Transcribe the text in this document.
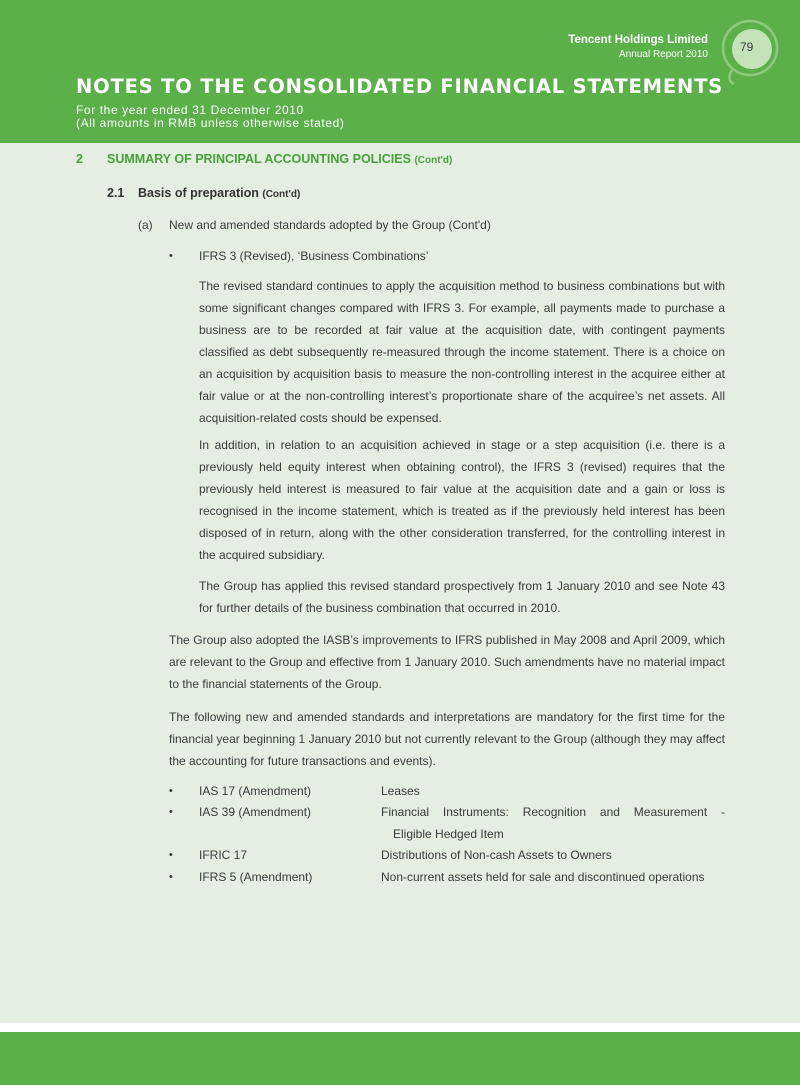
Tencent Holdings Limited
Annual Report 2010
79
NOTES TO THE CONSOLIDATED FINANCIAL STATEMENTS
For the year ended 31 December 2010
(All amounts in RMB unless otherwise stated)
2 SUMMARY OF PRINCIPAL ACCOUNTING POLICIES (Cont'd)
2.1 Basis of preparation (Cont'd)
(a) New and amended standards adopted by the Group (Cont'd)
• IFRS 3 (Revised), ‘Business Combinations’

The revised standard continues to apply the acquisition method to business combinations but with some significant changes compared with IFRS 3. For example, all payments made to purchase a business are to be recorded at fair value at the acquisition date, with contingent payments classified as debt subsequently re-measured through the income statement. There is a choice on an acquisition by acquisition basis to measure the non-controlling interest in the acquiree either at fair value or at the non-controlling interest’s proportionate share of the acquiree’s net assets. All acquisition-related costs should be expensed.

In addition, in relation to an acquisition achieved in stage or a step acquisition (i.e. there is a previously held equity interest when obtaining control), the IFRS 3 (revised) requires that the previously held interest is measured to fair value at the acquisition date and a gain or loss is recognised in the income statement, which is treated as if the previously held interest has been disposed of in return, along with the other consideration transferred, for the controlling interest in the acquired subsidiary.

The Group has applied this revised standard prospectively from 1 January 2010 and see Note 43 for further details of the business combination that occurred in 2010.

The Group also adopted the IASB’s improvements to IFRS published in May 2008 and April 2009, which are relevant to the Group and effective from 1 January 2010. Such amendments have no material impact to the financial statements of the Group.

The following new and amended standards and interpretations are mandatory for the first time for the financial year beginning 1 January 2010 but not currently relevant to the Group (although they may affect the accounting for future transactions and events).

• IAS 17 (Amendment)	Leases
• IAS 39 (Amendment)	Financial Instruments: Recognition and Measurement -
Eligible Hedged Item
• IFRIC 17	Distributions of Non-cash Assets to Owners
• IFRS 5 (Amendment)	Non-current assets held for sale and discontinued operations
